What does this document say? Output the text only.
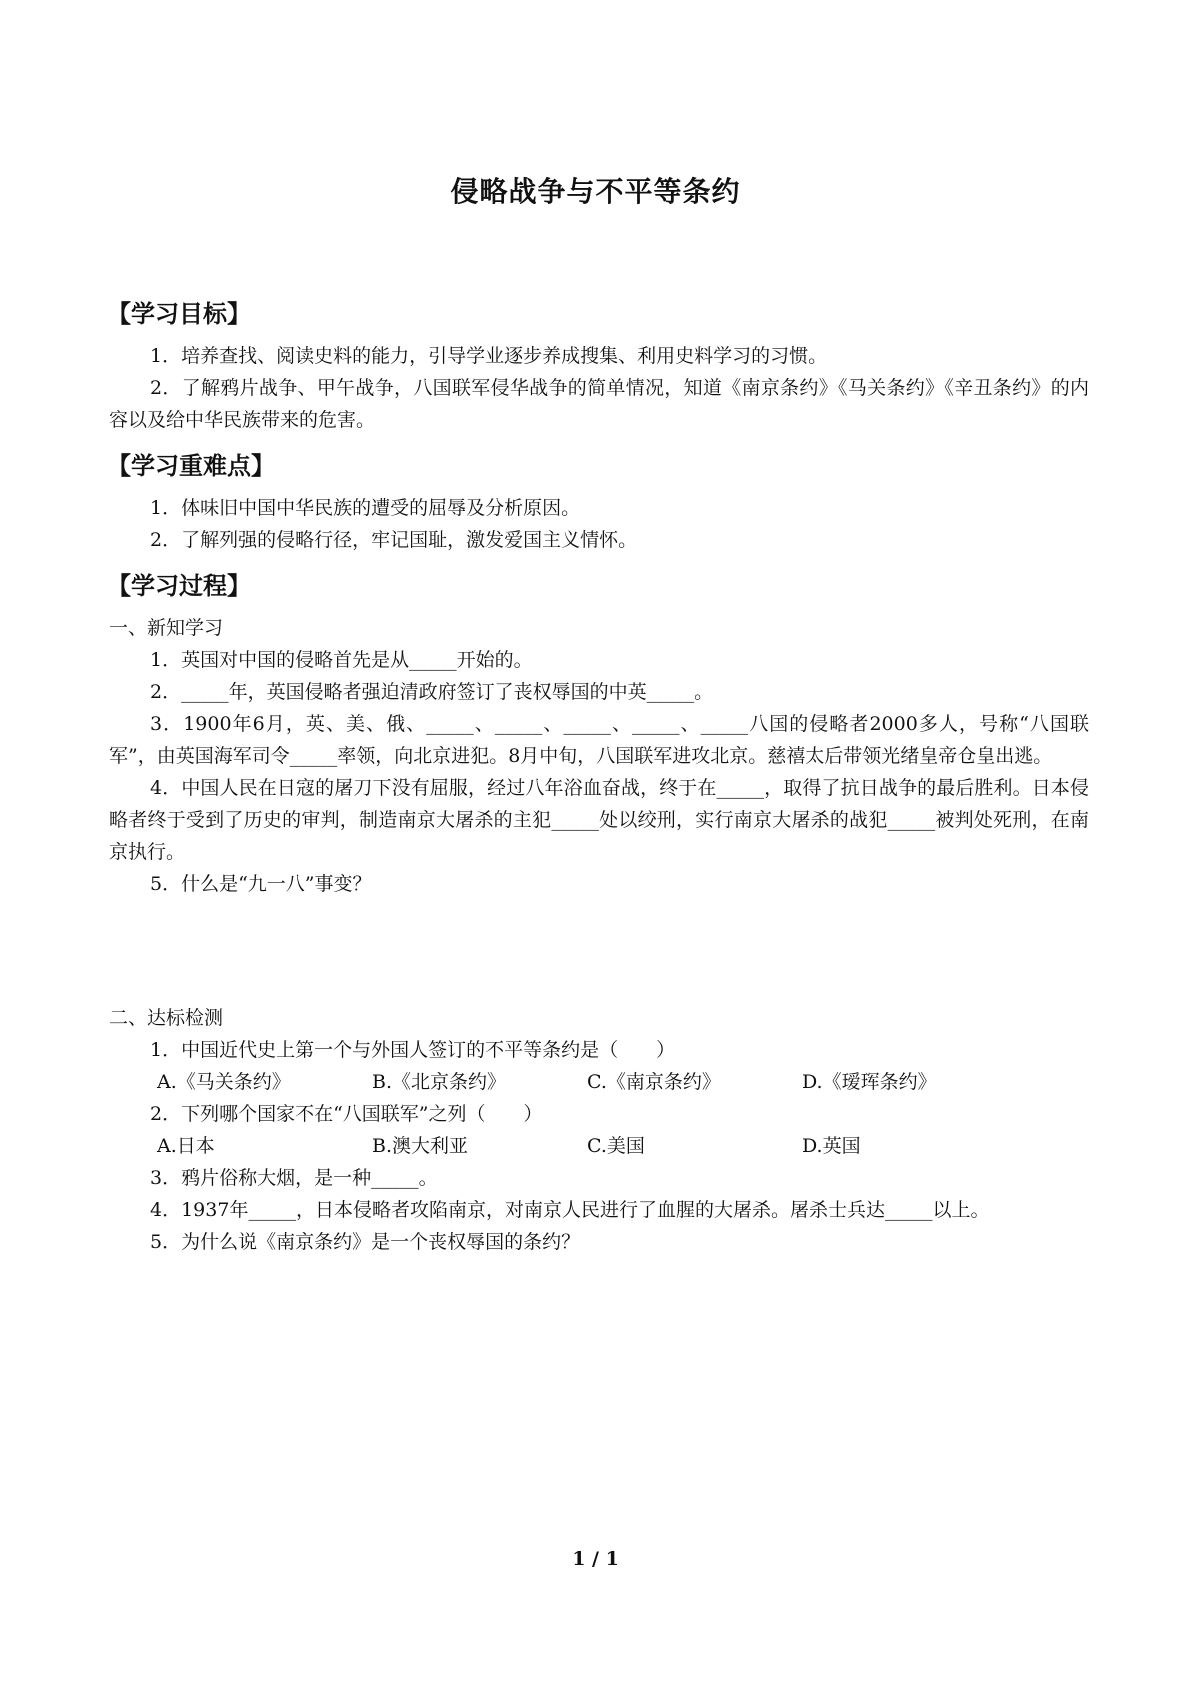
侵略战争与不平等条约
【学习目标】
1．培养查找、阅读史料的能力，引导学业逐步养成搜集、利用史料学习的习惯。
2．了解鸦片战争、甲午战争，八国联军侵华战争的简单情况，知道《南京条约》《马关条约》《辛丑条约》的内容以及给中华民族带来的危害。
【学习重难点】
1．体味旧中国中华民族的遭受的屈辱及分析原因。
2．了解列强的侵略行径，牢记国耻，激发爱国主义情怀。
【学习过程】
一、新知学习
1．英国对中国的侵略首先是从_____开始的。
2．_____年，英国侵略者强迫清政府签订了丧权辱国的中英_____。
3．1900年6月，英、美、俄、_____、_____、_____、_____、_____八国的侵略者2000多人，号称“八国联军”，由英国海军司令_____率领，向北京进犯。8月中旬，八国联军进攻北京。慈禧太后带领光绪皇帝仓皇出逃。
4．中国人民在日寇的屠刀下没有屈服，经过八年浴血奋战，终于在_____，取得了抗日战争的最后胜利。日本侵略者终于受到了历史的审判，制造南京大屠杀的主犯_____处以绞刑，实行南京大屠杀的战犯_____被判处死刑，在南京执行。
5．什么是“九一八”事变？
二、达标检测
1．中国近代史上第一个与外国人签订的不平等条约是（　　）
A.《马关条约》	B.《北京条约》	C.《南京条约》	D.《瑷珲条约》
2．下列哪个国家不在“八国联军”之列（　　）
A.日本	B.澳大利亚	C.美国	D.英国
3．鸦片俗称大烟，是一种_____。
4．1937年_____，日本侵略者攻陷南京，对南京人民进行了血腥的大屠杀。屠杀士兵达_____以上。
5．为什么说《南京条约》是一个丧权辱国的条约？
1 / 1
